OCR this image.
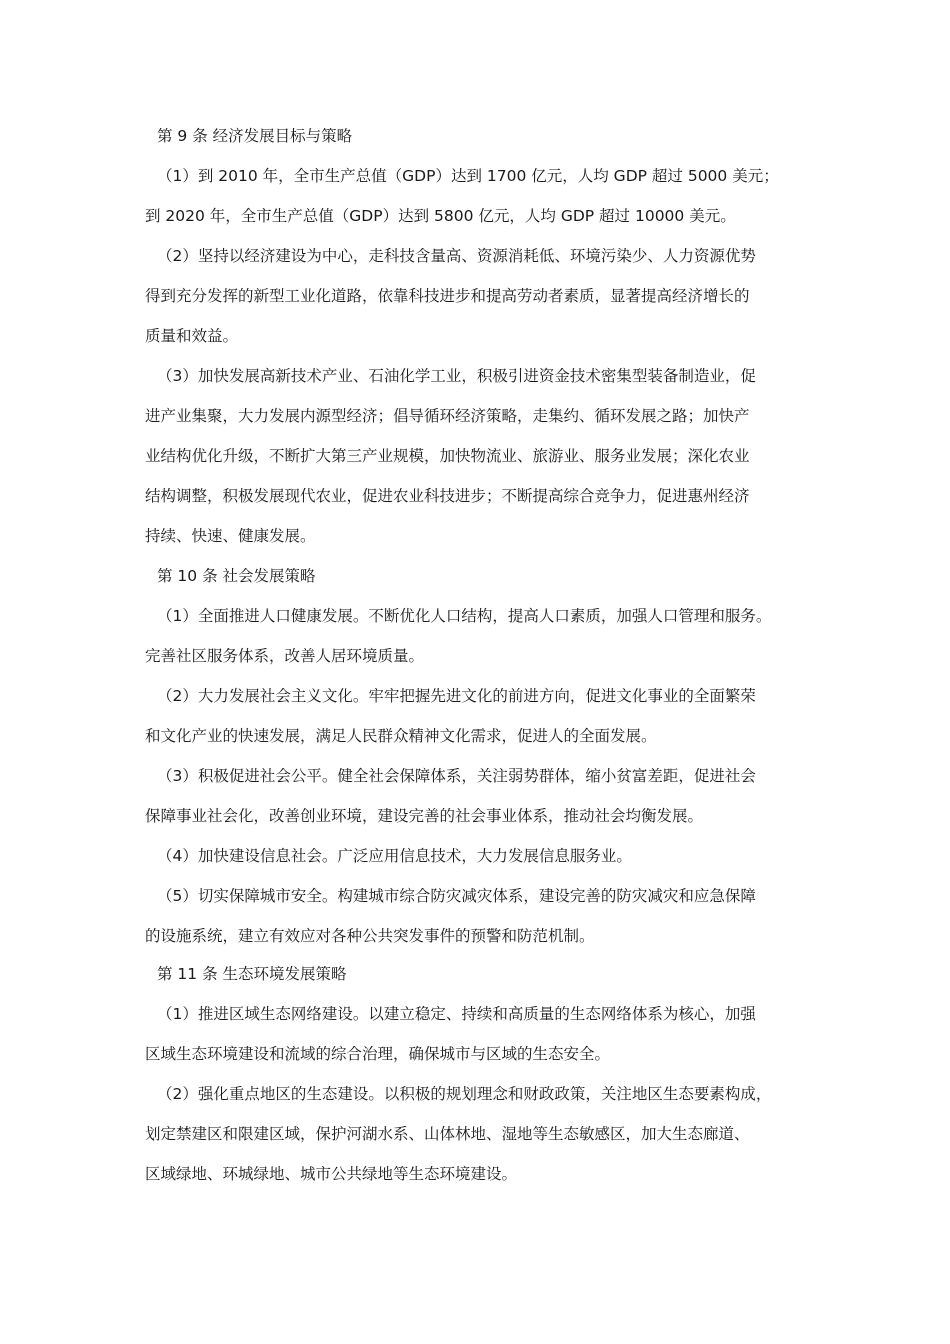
第 9 条 经济发展目标与策略

（1）到 2010 年，全市生产总值（GDP）达到 1700 亿元，人均 GDP 超过 5000 美元；

到 2020 年，全市生产总值（GDP）达到 5800 亿元，人均 GDP 超过 10000 美元。

（2）坚持以经济建设为中心，走科技含量高、资源消耗低、环境污染少、人力资源优势

得到充分发挥的新型工业化道路，依靠科技进步和提高劳动者素质，显著提高经济增长的

质量和效益。

（3）加快发展高新技术产业、石油化学工业，积极引进资金技术密集型装备制造业，促

进产业集聚，大力发展内源型经济；倡导循环经济策略，走集约、循环发展之路；加快产

业结构优化升级，不断扩大第三产业规模，加快物流业、旅游业、服务业发展；深化农业

结构调整，积极发展现代农业，促进农业科技进步；不断提高综合竞争力，促进惠州经济

持续、快速、健康发展。

第 10 条 社会发展策略

（1）全面推进人口健康发展。不断优化人口结构，提高人口素质，加强人口管理和服务。

完善社区服务体系，改善人居环境质量。

（2）大力发展社会主义文化。牢牢把握先进文化的前进方向，促进文化事业的全面繁荣

和文化产业的快速发展，满足人民群众精神文化需求，促进人的全面发展。

（3）积极促进社会公平。健全社会保障体系，关注弱势群体，缩小贫富差距，促进社会

保障事业社会化，改善创业环境，建设完善的社会事业体系，推动社会均衡发展。

（4）加快建设信息社会。广泛应用信息技术，大力发展信息服务业。

（5）切实保障城市安全。构建城市综合防灾减灾体系，建设完善的防灾减灾和应急保障

的设施系统，建立有效应对各种公共突发事件的预警和防范机制。

第 11 条 生态环境发展策略

（1）推进区域生态网络建设。以建立稳定、持续和高质量的生态网络体系为核心，加强

区域生态环境建设和流域的综合治理，确保城市与区域的生态安全。

（2）强化重点地区的生态建设。以积极的规划理念和财政政策，关注地区生态要素构成，

划定禁建区和限建区域，保护河湖水系、山体林地、湿地等生态敏感区，加大生态廊道、

区域绿地、环城绿地、城市公共绿地等生态环境建设。
